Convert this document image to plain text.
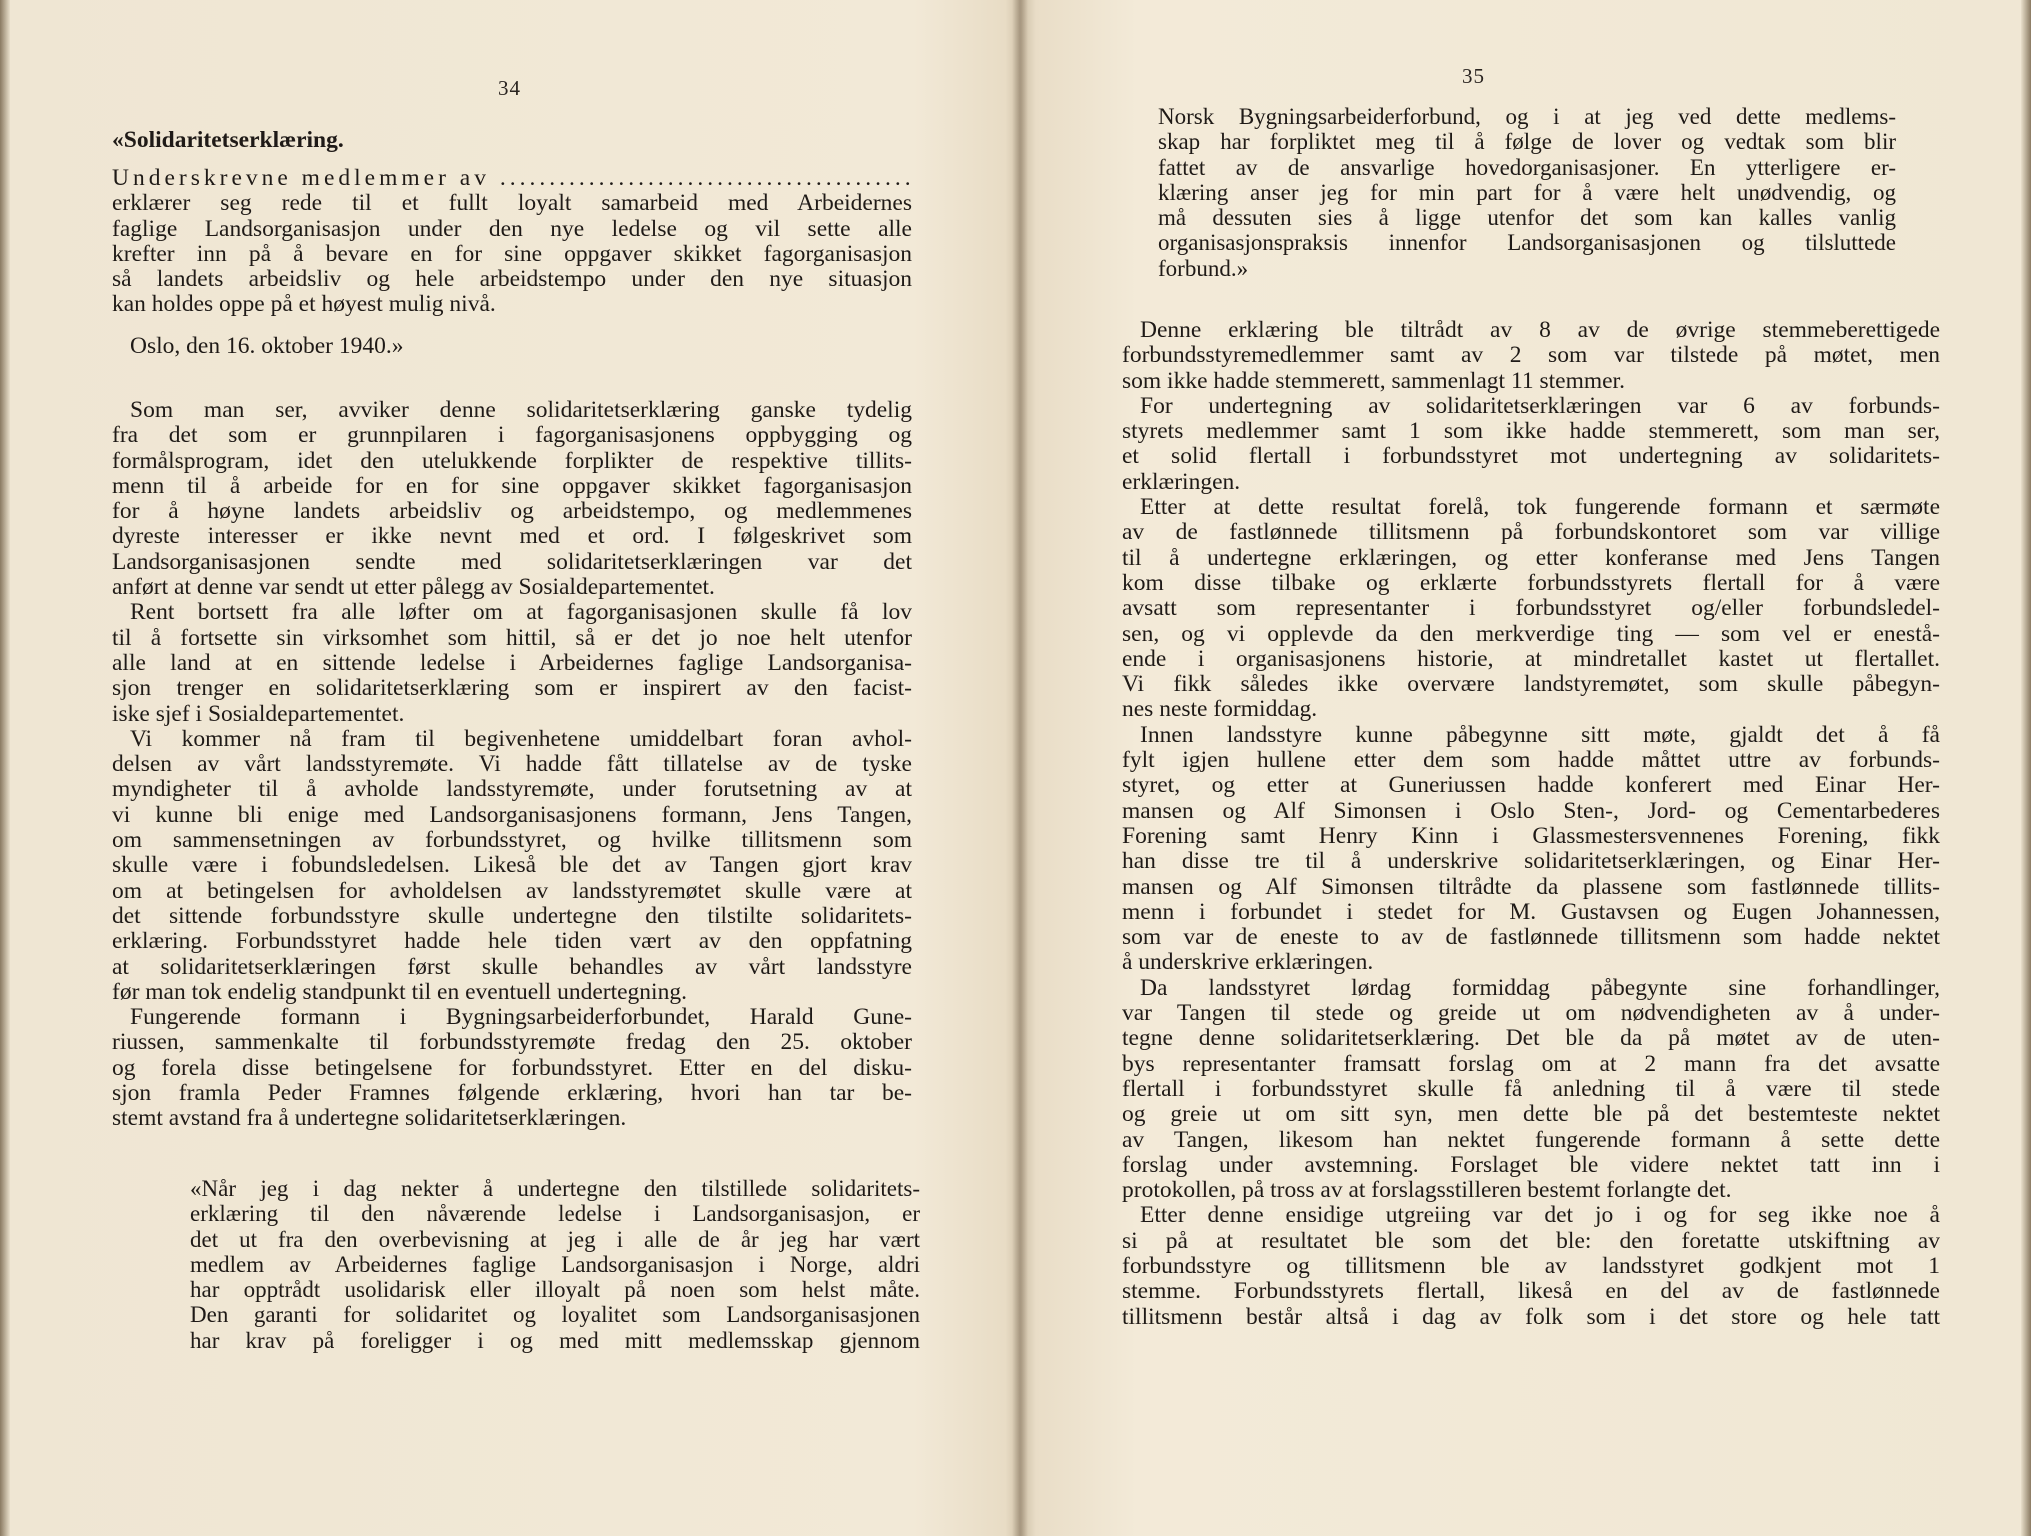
34
«Solidaritetserklæring.
Underskrevne medlemmer av ..........................................
erklærer seg rede til et fullt loyalt samarbeid med Arbeidernes
faglige Landsorganisasjon under den nye ledelse og vil sette alle
krefter inn på å bevare en for sine oppgaver skikket fagorganisasjon
så landets arbeidsliv og hele arbeidstempo under den nye situasjon
kan holdes oppe på et høyest mulig nivå.
Oslo, den 16. oktober 1940.»
Som man ser, avviker denne solidaritetserklæring ganske tydelig
fra det som er grunnpilaren i fagorganisasjonens oppbygging og
formålsprogram, idet den utelukkende forplikter de respektive tillits-
menn til å arbeide for en for sine oppgaver skikket fagorganisasjon
for å høyne landets arbeidsliv og arbeidstempo, og medlemmenes
dyreste interesser er ikke nevnt med et ord. I følgeskrivet som
Landsorganisasjonen sendte med solidaritetserklæringen var det
anført at denne var sendt ut etter pålegg av Sosialdepartementet.
Rent bortsett fra alle løfter om at fagorganisasjonen skulle få lov
til å fortsette sin virksomhet som hittil, så er det jo noe helt utenfor
alle land at en sittende ledelse i Arbeidernes faglige Landsorganisa-
sjon trenger en solidaritetserklæring som er inspirert av den facist-
iske sjef i Sosialdepartementet.
Vi kommer nå fram til begivenhetene umiddelbart foran avhol-
delsen av vårt landsstyremøte. Vi hadde fått tillatelse av de tyske
myndigheter til å avholde landsstyremøte, under forutsetning av at
vi kunne bli enige med Landsorganisasjonens formann, Jens Tangen,
om sammensetningen av forbundsstyret, og hvilke tillitsmenn som
skulle være i fobundsledelsen. Likeså ble det av Tangen gjort krav
om at betingelsen for avholdelsen av landsstyremøtet skulle være at
det sittende forbundsstyre skulle undertegne den tilstilte solidaritets-
erklæring. Forbundsstyret hadde hele tiden vært av den oppfatning
at solidaritetserklæringen først skulle behandles av vårt landsstyre
før man tok endelig standpunkt til en eventuell undertegning.
Fungerende formann i Bygningsarbeiderforbundet, Harald Gune-
riussen, sammenkalte til forbundsstyremøte fredag den 25. oktober
og forela disse betingelsene for forbundsstyret. Etter en del disku-
sjon framla Peder Framnes følgende erklæring, hvori han tar be-
stemt avstand fra å undertegne solidaritetserklæringen.
«Når jeg i dag nekter å undertegne den tilstillede solidaritets-
erklæring til den nåværende ledelse i Landsorganisasjon, er
det ut fra den overbevisning at jeg i alle de år jeg har vært
medlem av Arbeidernes faglige Landsorganisasjon i Norge, aldri
har opptrådt usolidarisk eller illoyalt på noen som helst måte.
Den garanti for solidaritet og loyalitet som Landsorganisasjonen
har krav på foreligger i og med mitt medlemsskap gjennom
35
Norsk Bygningsarbeiderforbund, og i at jeg ved dette medlems-
skap har forpliktet meg til å følge de lover og vedtak som blir
fattet av de ansvarlige hovedorganisasjoner. En ytterligere er-
klæring anser jeg for min part for å være helt unødvendig, og
må dessuten sies å ligge utenfor det som kan kalles vanlig
organisasjonspraksis innenfor Landsorganisasjonen og tilsluttede
forbund.»
Denne erklæring ble tiltrådt av 8 av de øvrige stemmeberettigede
forbundsstyremedlemmer samt av 2 som var tilstede på møtet, men
som ikke hadde stemmerett, sammenlagt 11 stemmer.
For undertegning av solidaritetserklæringen var 6 av forbunds-
styrets medlemmer samt 1 som ikke hadde stemmerett, som man ser,
et solid flertall i forbundsstyret mot undertegning av solidaritets-
erklæringen.
Etter at dette resultat forelå, tok fungerende formann et særmøte
av de fastlønnede tillitsmenn på forbundskontoret som var villige
til å undertegne erklæringen, og etter konferanse med Jens Tangen
kom disse tilbake og erklærte forbundsstyrets flertall for å være
avsatt som representanter i forbundsstyret og/eller forbundsledel-
sen, og vi opplevde da den merkverdige ting — som vel er enestå-
ende i organisasjonens historie, at mindretallet kastet ut flertallet.
Vi fikk således ikke overvære landstyremøtet, som skulle påbegyn-
nes neste formiddag.
Innen landsstyre kunne påbegynne sitt møte, gjaldt det å få
fylt igjen hullene etter dem som hadde måttet uttre av forbunds-
styret, og etter at Guneriussen hadde konferert med Einar Her-
mansen og Alf Simonsen i Oslo Sten-, Jord- og Cementarbederes
Forening samt Henry Kinn i Glassmestersvennenes Forening, fikk
han disse tre til å underskrive solidaritetserklæringen, og Einar Her-
mansen og Alf Simonsen tiltrådte da plassene som fastlønnede tillits-
menn i forbundet i stedet for M. Gustavsen og Eugen Johannessen,
som var de eneste to av de fastlønnede tillitsmenn som hadde nektet
å underskrive erklæringen.
Da landsstyret lørdag formiddag påbegynte sine forhandlinger,
var Tangen til stede og greide ut om nødvendigheten av å under-
tegne denne solidaritetserklæring. Det ble da på møtet av de uten-
bys representanter framsatt forslag om at 2 mann fra det avsatte
flertall i forbundsstyret skulle få anledning til å være til stede
og greie ut om sitt syn, men dette ble på det bestemteste nektet
av Tangen, likesom han nektet fungerende formann å sette dette
forslag under avstemning. Forslaget ble videre nektet tatt inn i
protokollen, på tross av at forslagsstilleren bestemt forlangte det.
Etter denne ensidige utgreiing var det jo i og for seg ikke noe å
si på at resultatet ble som det ble: den foretatte utskiftning av
forbundsstyre og tillitsmenn ble av landsstyret godkjent mot 1
stemme. Forbundsstyrets flertall, likeså en del av de fastlønnede
tillitsmenn består altså i dag av folk som i det store og hele tatt
